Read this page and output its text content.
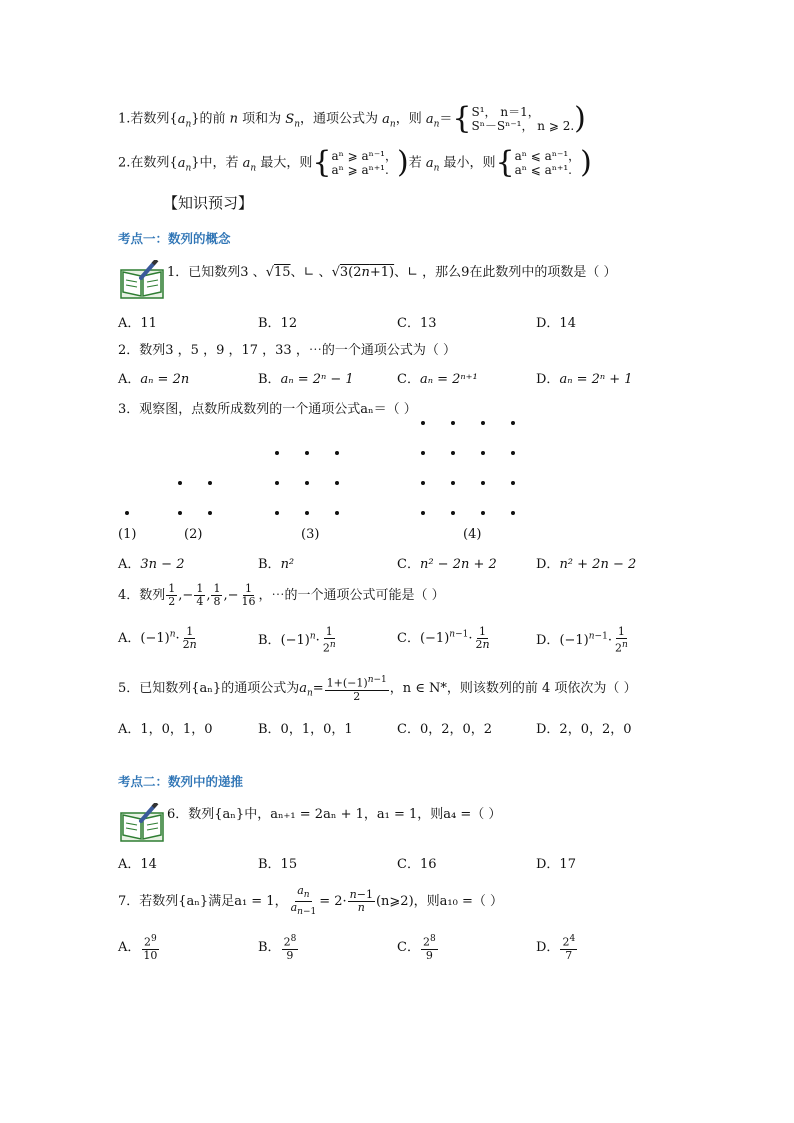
1.若数列$\{a_n\}$的前 n 项和为 $S_n$，通项公式为 $a_n$，则 $a_n=${ S¹， n＝1，
Sⁿ－Sⁿ⁻¹， n ⩾ 2. )
2.在数列$\{a_n\}$中，若 $a_n$ 最大，则{ aⁿ ⩾ aⁿ⁻¹，
aⁿ ⩾ aⁿ⁺¹. )若 $a_n$ 最小，则{ aⁿ ⩽ aⁿ⁻¹，
aⁿ ⩽ aⁿ⁺¹. )
【知识预习】
考点一：数列的概念
1．已知数列3 、√15、∟ 、√3(2n+1)、∟ ，那么9在此数列中的项数是（ ）
A．11	B．12	C．13	D．14
2．数列3 ，5 ，9 ，17 ，33 ，⋯的一个通项公式为（ ）
A．aₙ = 2n	B．aₙ = 2ⁿ − 1	C．aₙ = 2ⁿ⁺¹	D．aₙ = 2ⁿ + 1
3．观察图，点数所成数列的一个通项公式aₙ＝（ ）
(1)	(2)	(3)	(4)
A．3n − 2	B．n²	C．n² − 2n + 2	D．n² + 2n − 2
4．数列 $\frac{1}{2}$ ,− $\frac{1}{4}$ , $\frac{1}{8}$ ,− $\frac{1}{16}$ ，⋯的一个通项公式可能是（ ）
A．$(-1)^n\cdot \frac{1}{2n}$	B．$(-1)^n\cdot \frac{1}{2^n}$	C．$(-1)^{n-1}\cdot \frac{1}{2n}$	D．$(-1)^{n-1}\cdot \frac{1}{2^n}$
5．已知数列{aₙ}的通项公式为$a_n= \frac{1+(-1)^{n-1}}{2}$ ，n ∈ N*，则该数列的前 4 项依次为（ ）
A．1，0，1，0	B．0，1，0，1	C．0，2，0，2	D．2，0，2，0
考点二：数列中的递推
6．数列{aₙ}中，aₙ₊₁ = 2aₙ + 1，a₁ = 1，则a₄ =（ ）
A．14	B．15	C．16	D．17
7．若数列{aₙ}满足a₁ = 1， $\frac{a_n}{a_{n-1}} = 2\cdot \frac{n-1}{n}$ (n⩾2)，则a₁₀ =（ ）
A． $\frac{2^9}{10}$	B． $\frac{2^8}{9}$	C． $\frac{2^8}{9}$	D． $\frac{2^4}{7}$
